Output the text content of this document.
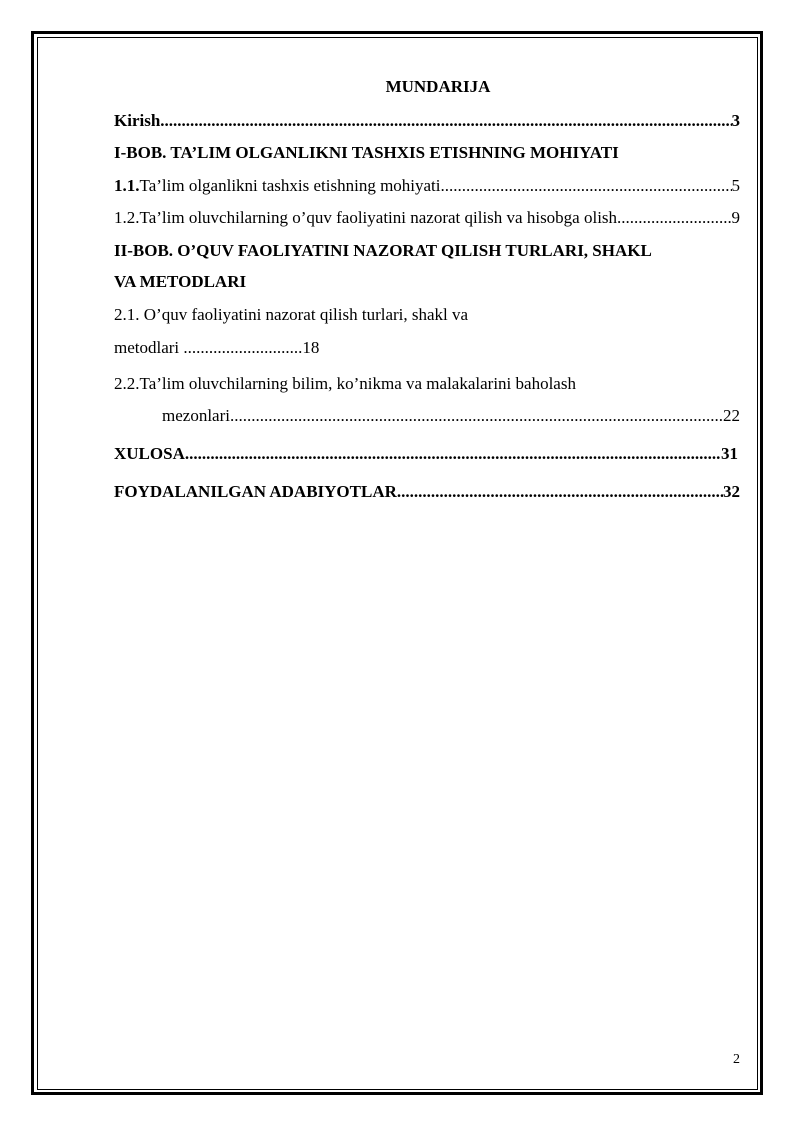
MUNDARIJA
Kirish .....	3
I-BOB. TA’LIM OLGANLIKNI TASHXIS ETISHNING MOHIYATI
1.1.Ta’lim olganlikni tashxis etishning mohiyati .....	5
1.2.Ta’lim oluvchilarning o’quv faoliyatini nazorat qilish va hisobga olish .....	9
II-BOB. O’QUV FAOLIYATINI NAZORAT QILISH TURLARI, SHAKL
VA METODLARI
2.1. O’quv faoliyatini nazorat qilish turlari, shakl va
metodlari ............................18
2.2.Ta’lim oluvchilarning bilim, ko’nikma va malakalarini baholash
mezonlari .....	22
XULOSA .....	31
FOYDALANILGAN ADABIYOTLAR .....	32
2
